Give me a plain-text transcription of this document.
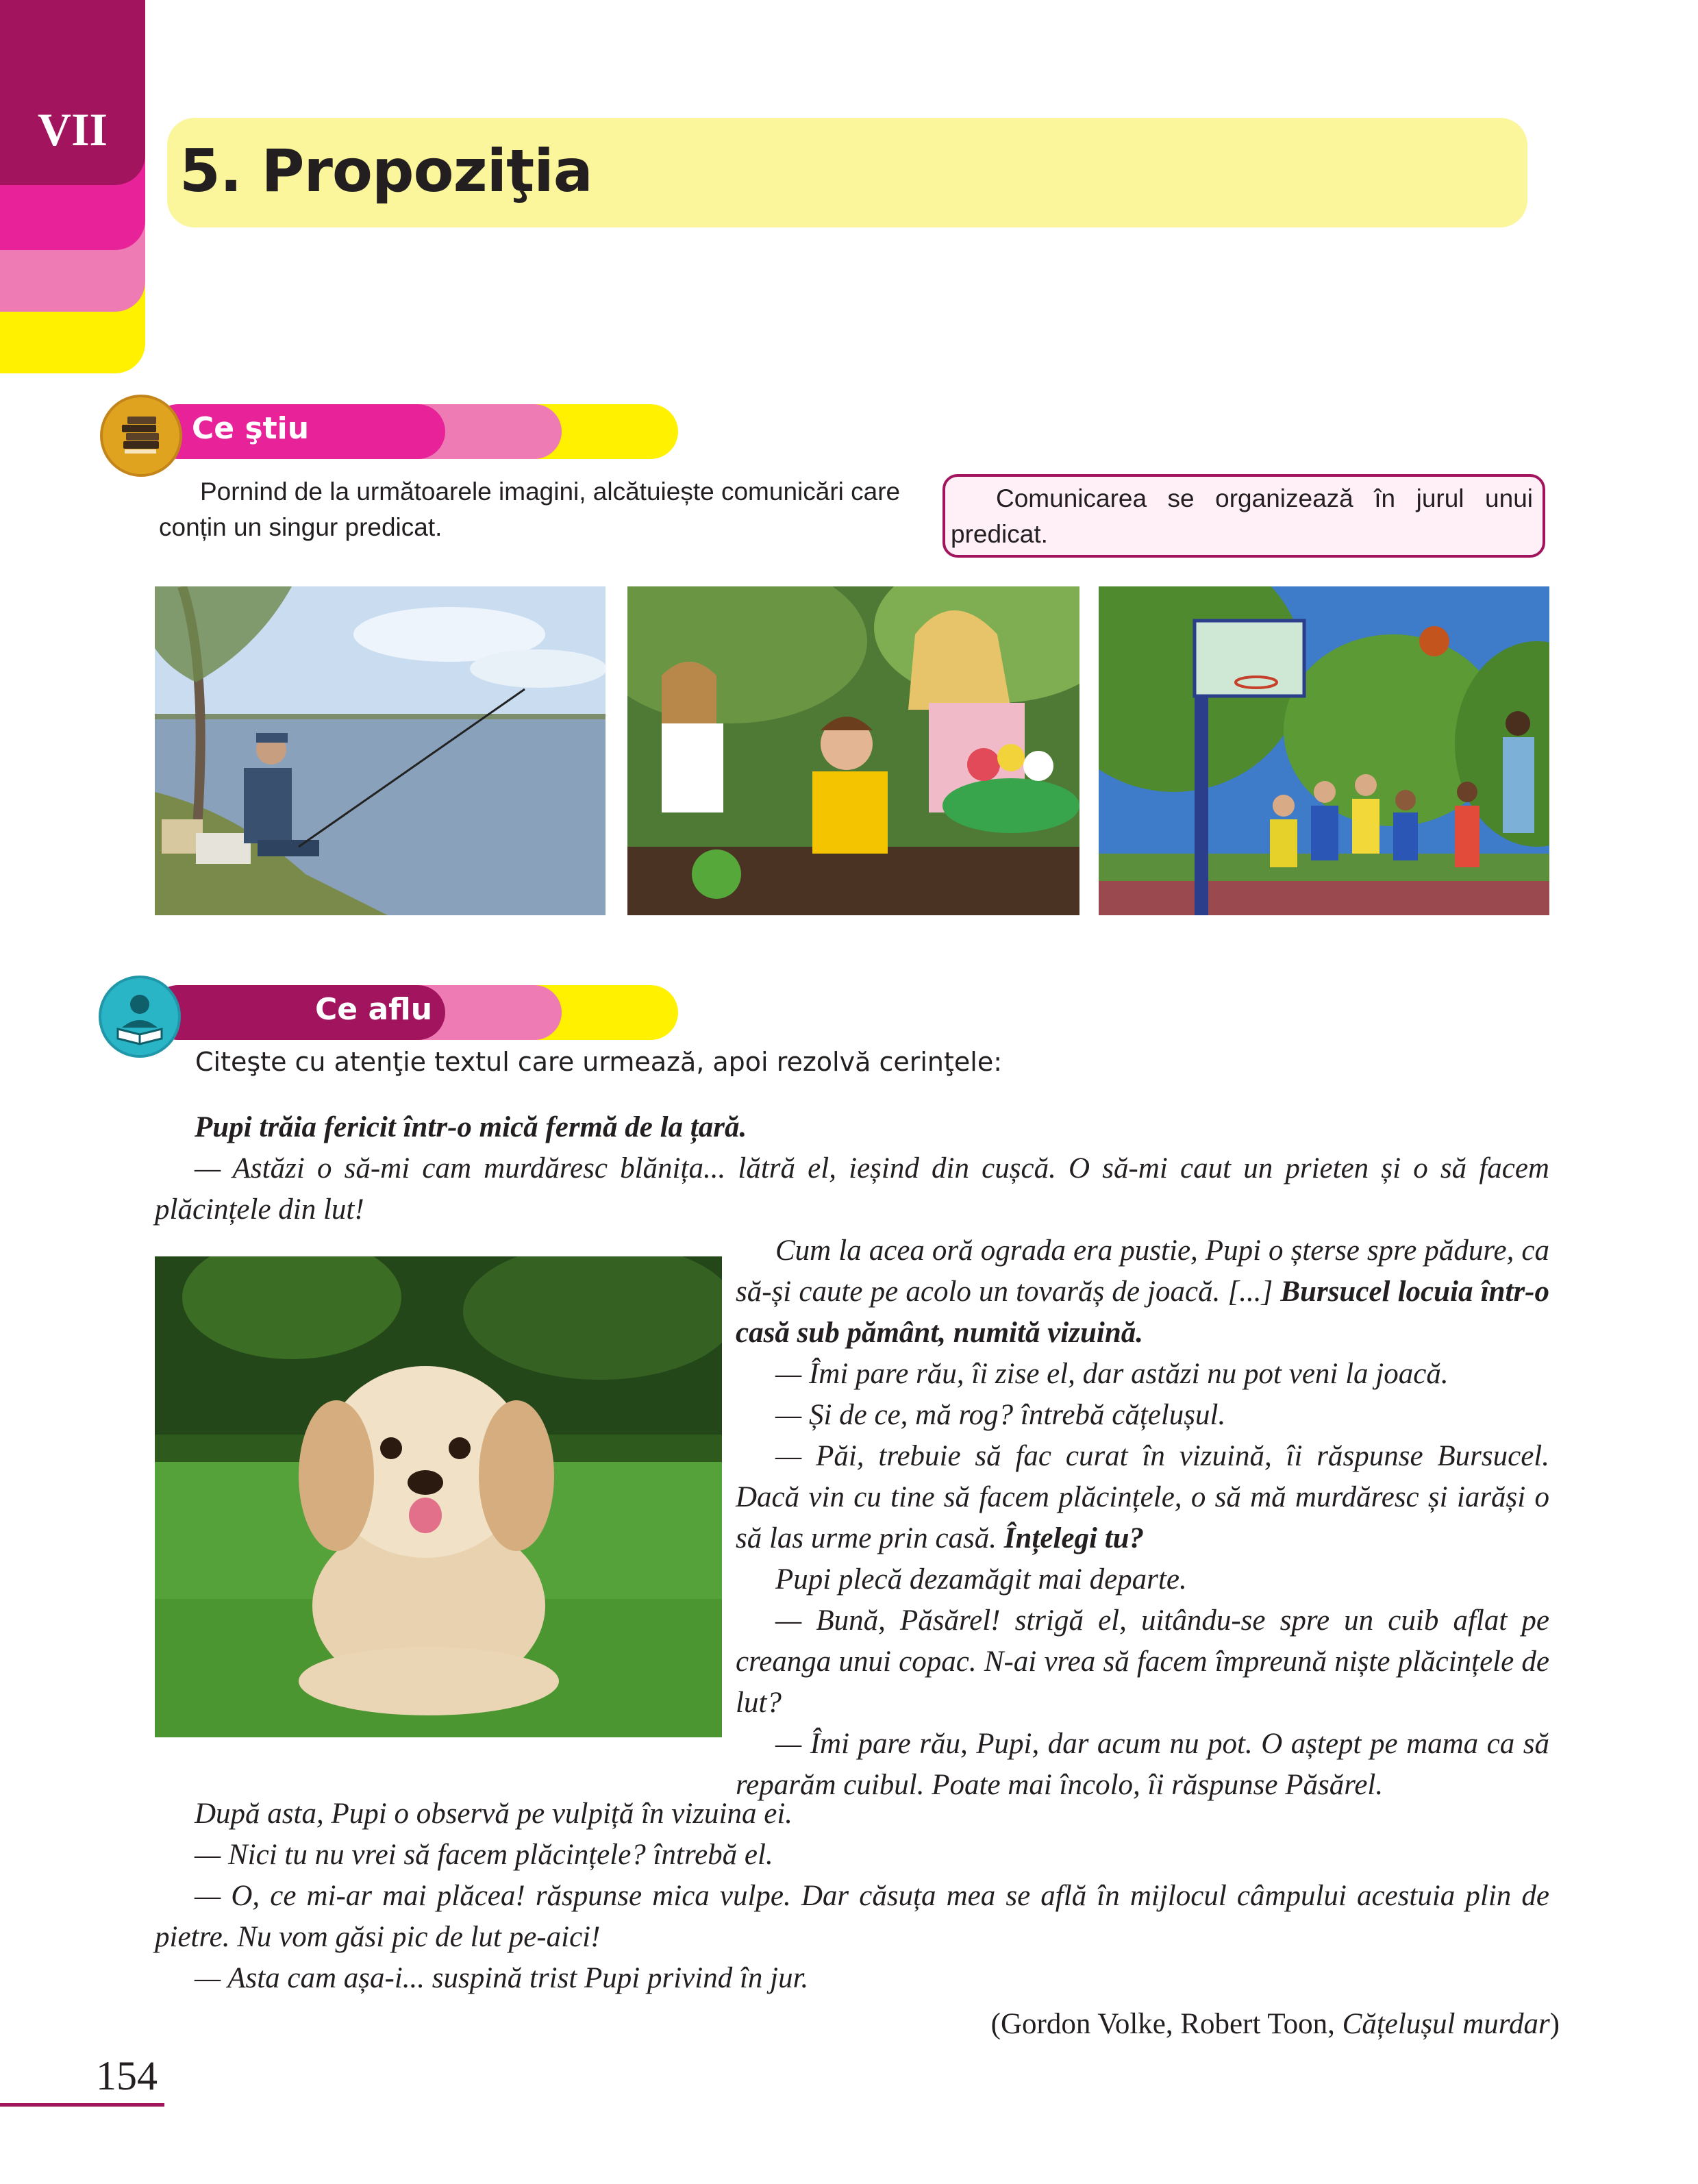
VII
5. Propoziţia
Ce ştiu
Pornind de la următoarele imagini, alcătuiește comunicări care conțin un singur predicat.
Comunicarea se organizează în jurul unui predicat.
Ce aflu
Citeşte cu atenţie textul care urmează, apoi rezolvă cerinţele:

Pupi trăia fericit într-o mică fermă de la țară.

— Astăzi o să-mi cam murdăresc blănița... lătră el, ieșind din cușcă. O să-mi caut un prieten și o să facem plăcințele din lut!

Cum la acea oră ograda era pustie, Pupi o șterse spre pădure, ca să-și caute pe acolo un tovarăș de joacă. [...] Bursucel locuia într-o casă sub pământ, numită vizuină.

— Îmi pare rău, îi zise el, dar astăzi nu pot veni la joacă.

— Și de ce, mă rog? întrebă cățelușul.

— Păi, trebuie să fac curat în vizuină, îi răspunse Bursucel. Dacă vin cu tine să facem plăcințele, o să mă murdăresc și iarăși o să las urme prin casă. Înțelegi tu?

Pupi plecă dezamăgit mai departe.

— Bună, Păsărel! strigă el, uitându-se spre un cuib aflat pe creanga unui copac. N-ai vrea să facem împreună niște plăcințele de lut?

— Îmi pare rău, Pupi, dar acum nu pot. O aștept pe mama ca să reparăm cuibul. Poate mai încolo, îi răspunse Păsărel.

După asta, Pupi o observă pe vulpiță în vizuina ei.

— Nici tu nu vrei să facem plăcințele? întrebă el.

— O, ce mi-ar mai plăcea! răspunse mica vulpe. Dar căsuța mea se află în mijlocul câmpului acestuia plin de pietre. Nu vom găsi pic de lut pe-aici!

— Asta cam așa-i... suspină trist Pupi privind în jur.

(Gordon Volke, Robert Toon, Cățelușul murdar)
154
